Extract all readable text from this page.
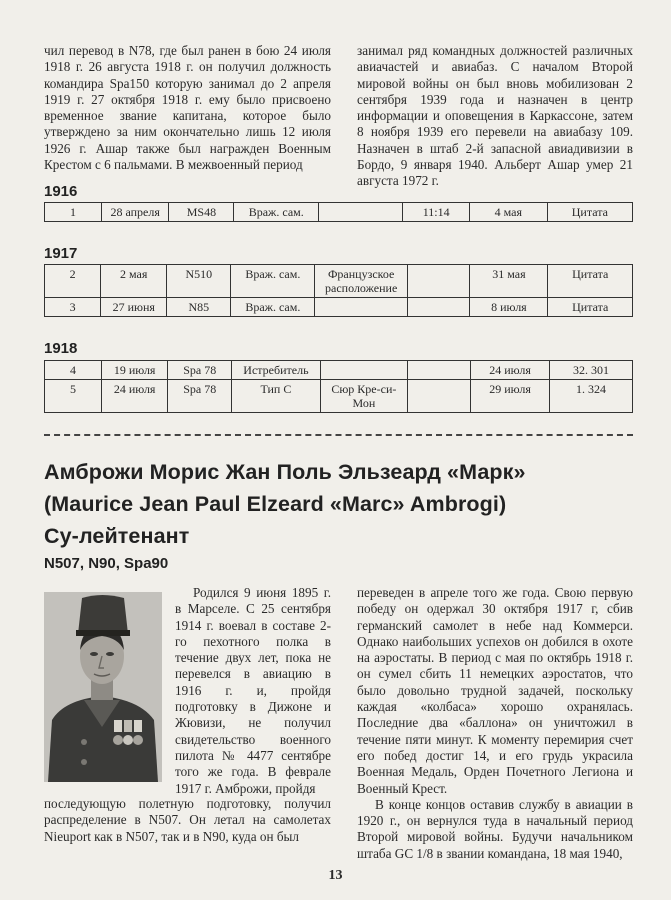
чил перевод в N78, где был ранен в бою 24 июля 1918 г. 26 августа 1918 г. он получил должность командира Spa150 которую занимал до 2 апреля 1919 г. 27 октября 1918 г. ему было присвоено временное звание капитана, которое было утверждено за ним окончательно лишь 12 июля 1926 г. Ашар также был награжден Военным Крестом с 6 пальмами. В межвоенный период

занимал ряд командных должностей различных авиачастей и авиабаз. С началом Второй мировой войны он был вновь мобилизован 2 сентября 1939 года и назначен в центр информации и оповещения в Каркассоне, затем 8 ноября 1939 его перевели на авиабазу 109. Назначен в штаб 2-й запасной авиадивизии в Бордо, 9 января 1940. Альберт Ашар умер 21 августа 1972 г.

1916
1	28 апреля	MS48	Враж. сам.		11:14	4 мая	Цитата
1917
2	2 мая	N510	Враж. сам.	Французское расположение		31 мая	Цитата
3	27 июня	N85	Враж. сам.			8 июля	Цитата
1918
4	19 июля	Spa 78	Истребитель			24 июля	32. 301
5	24 июля	Spa 78	Тип С	Сюр Кре-си-Мон		29 июля	1. 324
Амброжи Морис Жан Поль Эльзеард «Марк»
(Maurice Jean Paul Elzeard «Marc» Ambrogi)
Су-лейтенант
N507, N90, Spa90

Родился 9 июня 1895 г. в Марселе. С 25 сентября 1914 г. воевал в составе 2-го пехотного полка в течение двух лет, пока не перевелся в авиацию в 1916 г. и, пройдя подготовку в Дижоне и Жювизи, не получил свидетельство военного пилота № 4477 сентябре того же года. В феврале 1917 г. Амброжи, пройдя

последующую полетную подготовку, получил распределение в N507. Он летал на самолетах Nieuport как в N507, так и в N90, куда он был

переведен в апреле того же года. Свою первую победу он одержал 30 октября 1917 г, сбив германский самолет в небе над Коммерси. Однако наибольших успехов он добился в охоте на аэростаты. В период с мая по октябрь 1918 г. он сумел сбить 11 немецких аэростатов, что было довольно трудной задачей, поскольку каждая «колбаса» хорошо охранялась. Последние два «баллона» он уничтожил в течение пяти минут. К моменту перемирия счет его побед достиг 14, и его грудь украсила Военная Медаль, Орден Почетного Легиона и Военный Крест.

В конце концов оставив службу в авиации в 1920 г., он вернулся туда в начальный период Второй мировой войны. Будучи начальником штаба GC 1/8 в звании команданa, 18 мая 1940,

13
